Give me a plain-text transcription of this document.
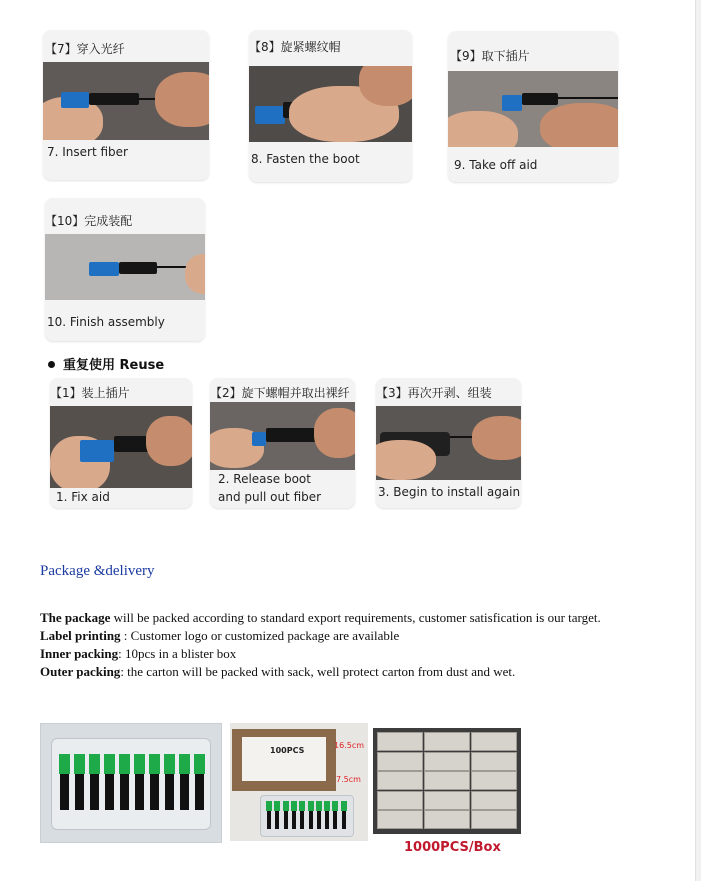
【7】穿入光纤
7. Insert fiber
【8】旋紧螺纹帽
8. Fasten the boot
【9】取下插片
9. Take off aid
【10】完成装配
10. Finish assembly
重复使用 Reuse
【1】装上插片
1. Fix aid
【2】旋下螺帽并取出裸纤
2. Release boot
and pull out fiber
【3】再次开剥、组装
3. Begin to install again
Package &delivery
The package will be packed according to standard export requirements, customer satisfication is our target.
Label printing : Customer logo or customized package are available
Inner packing: 10pcs in a blister box
Outer packing: the carton will be packed with sack, well protect carton from dust and wet.
100PCS
16.5cm
7.5cm
1000PCS/Box
